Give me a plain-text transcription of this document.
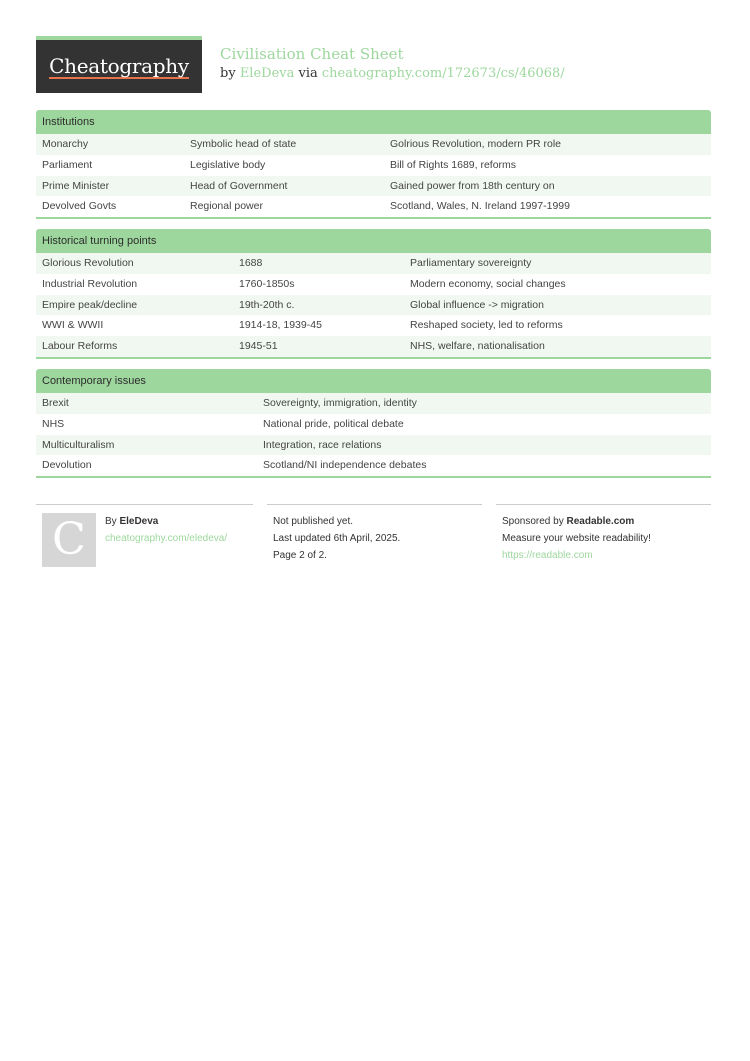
Cheatography Civilisation Cheat Sheet
by EleDeva via cheatography.com/172673/cs/46068/
Institutions
Monarchy	Symbolic head of state	Golrious Revolution, modern PR role
Parliament	Legislative body	Bill of Rights 1689, reforms
Prime Minister	Head of Government	Gained power from 18th century on
Devolved Govts	Regional power	Scotland, Wales, N. Ireland 1997-1999
Historical turning points
Glorious Revolution	1688	Parliamentary sovereignty
Industrial Revolution	1760-1850s	Modern economy, social changes
Empire peak/decline	19th-20th c.	Global influence -> migration
WWI & WWII	1914-18, 1939-45	Reshaped society, led to reforms
Labour Reforms	1945-51	NHS, welfare, nationalisation
Contemporary issues
Brexit	Sovereignty, immigration, identity
NHS	National pride, political debate
Multiculturalism	Integration, race relations
Devolution	Scotland/NI independence debates
C By EleDeva
cheatography.com/eledeva/
Not published yet.
Last updated 6th April, 2025.
Page 2 of 2.
Sponsored by Readable.com
Measure your website readability!
https://readable.com
